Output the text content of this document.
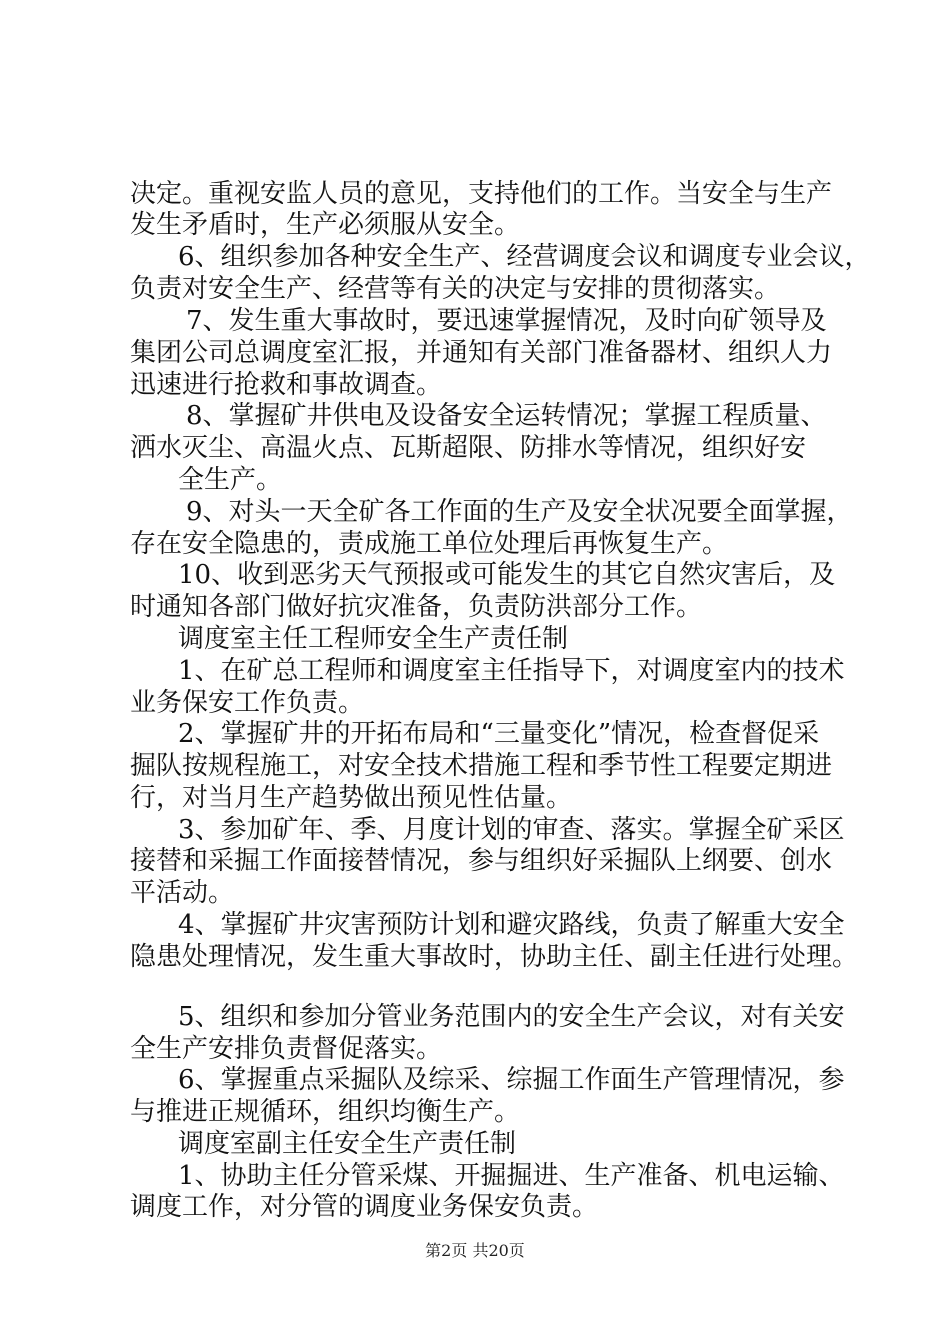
决定。重视安监人员的意见，支持他们的工作。当安全与生产
发生矛盾时，生产必须服从安全。
6、组织参加各种安全生产、经营调度会议和调度专业会议，
负责对安全生产、经营等有关的决定与安排的贯彻落实。
7、发生重大事故时，要迅速掌握情况，及时向矿领导及
集团公司总调度室汇报，并通知有关部门准备器材、组织人力
迅速进行抢救和事故调查。
8、掌握矿井供电及设备安全运转情况；掌握工程质量、
洒水灭尘、高温火点、瓦斯超限、防排水等情况，组织好安
全生产。
9、对头一天全矿各工作面的生产及安全状况要全面掌握，
存在安全隐患的，责成施工单位处理后再恢复生产。
10、收到恶劣天气预报或可能发生的其它自然灾害后，及
时通知各部门做好抗灾准备，负责防洪部分工作。
调度室主任工程师安全生产责任制
1、在矿总工程师和调度室主任指导下，对调度室内的技术
业务保安工作负责。
2、掌握矿井的开拓布局和“三量变化”情况，检查督促采
掘队按规程施工，对安全技术措施工程和季节性工程要定期进
行，对当月生产趋势做出预见性估量。
3、参加矿年、季、月度计划的审查、落实。掌握全矿采区
接替和采掘工作面接替情况，参与组织好采掘队上纲要、创水
平活动。
4、掌握矿井灾害预防计划和避灾路线，负责了解重大安全
隐患处理情况，发生重大事故时，协助主任、副主任进行处理。
5、组织和参加分管业务范围内的安全生产会议，对有关安
全生产安排负责督促落实。
6、掌握重点采掘队及综采、综掘工作面生产管理情况，参
与推进正规循环，组织均衡生产。
调度室副主任安全生产责任制
1、协助主任分管采煤、开掘掘进、生产准备、机电运输、
调度工作，对分管的调度业务保安负责。
第2页 共20页
